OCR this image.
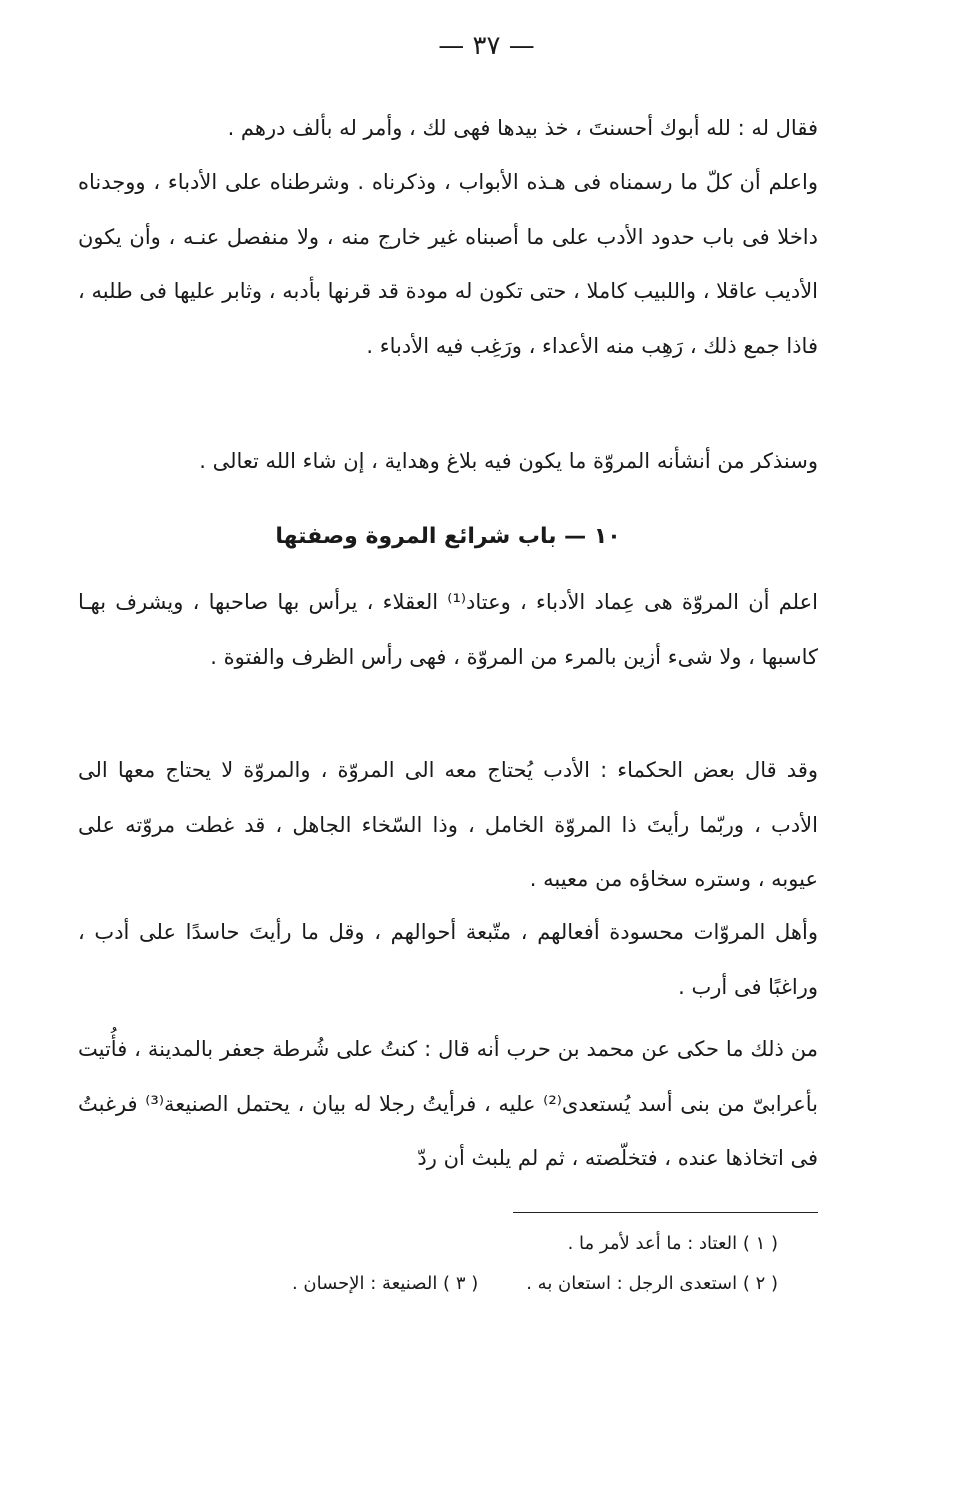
— ٣٧ —

فقال له : لله أبوك أحسنتَ ، خذ بيدها فهى لك ، وأمر له بألف درهم .

واعلم أن كلّ ما رسمناه فى هـذه الأبواب ، وذكرناه . وشرطناه على الأدباء ، ووجدناه داخلا فى باب حدود الأدب على ما أصبناه غير خارج منه ، ولا منفصل عنـه ، وأن يكون الأديب عاقلا ، واللبيب كاملا ، حتى تكون له مودة قد قرنها بأدبه ، وثابر عليها فى طلبه ، فاذا جمع ذلك ، رَهِب منه الأعداء ، ورَغِب فيه الأدباء .

وسنذكر من أنشأنه المروّة ما يكون فيه بلاغ وهداية ، إن شاء الله تعالى .

١٠ — باب شرائع المروة وصفتها

اعلم أن المروّة هى عِماد الأدباء ، وعتاد⁽¹⁾ العقلاء ، يرأس بها صاحبها ، ويشرف بهـا كاسبها ، ولا شىء أزين بالمرء من المروّة ، فهى رأس الظرف والفتوة .

وقد قال بعض الحكماء : الأدب يُحتاج معه الى المروّة ، والمروّة لا يحتاج معها الى الأدب ، وربّما رأيتَ ذا المروّة الخامل ، وذا السّخاء الجاهل ، قد غطت مروّته على عيوبه ، وستره سخاؤه من معيبه .

وأهل المروّات محسودة أفعالهم ، متّبعة أحوالهم ، وقل ما رأيتَ حاسدًا على أدب ، وراغبًا فى أرب .

من ذلك ما حكى عن محمد بن حرب أنه قال : كنتُ على شُرطة جعفر بالمدينة ، فأُتيت بأعرابىّ من بنى أسد يُستعدى⁽²⁾ عليه ، فرأيتُ رجلا له بيان ، يحتمل الصنيعة⁽³⁾ فرغبتُ فى اتخاذها عنده ، فتخلّصته ، ثم لم يلبث أن ردّ

( ١ ) العتاد : ما أعد لأمر ما .
( ٢ ) استعدى الرجل : استعان به .( ٣ ) الصنيعة : الإحسان .
